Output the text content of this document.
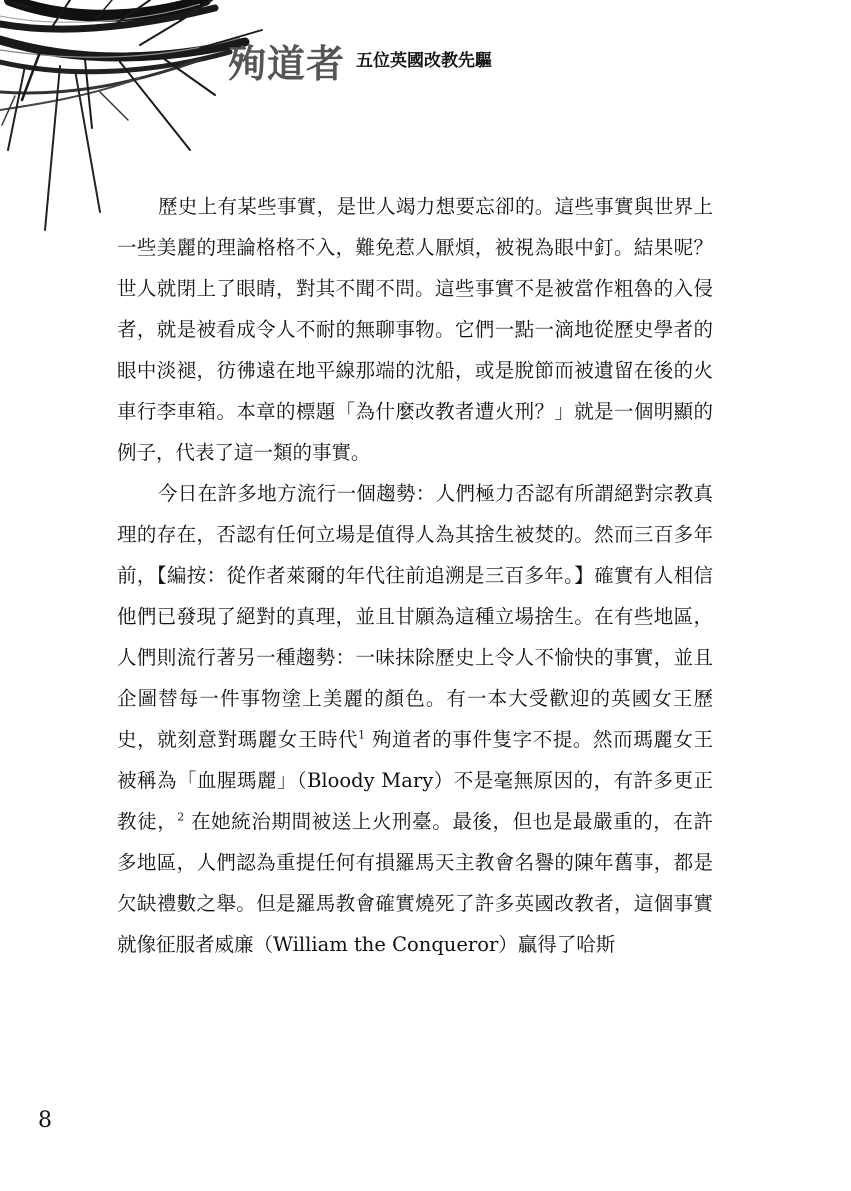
殉道者 五位英國改教先驅

歷史上有某些事實，是世人竭力想要忘卻的。這些事實與世界上一些美麗的理論格格不入，難免惹人厭煩，被視為眼中釘。結果呢？世人就閉上了眼睛，對其不聞不問。這些事實不是被當作粗魯的入侵者，就是被看成令人不耐的無聊事物。它們一點一滴地從歷史學者的眼中淡褪，彷彿遠在地平線那端的沈船，或是脫節而被遺留在後的火車行李車箱。本章的標題「為什麼改教者遭火刑？」就是一個明顯的例子，代表了這一類的事實。

今日在許多地方流行一個趨勢：人們極力否認有所謂絕對宗教真理的存在，否認有任何立場是值得人為其捨生被焚的。然而三百多年前，【編按：從作者萊爾的年代往前追溯是三百多年。】確實有人相信他們已發現了絕對的真理，並且甘願為這種立場捨生。在有些地區，人們則流行著另一種趨勢：一味抹除歷史上令人不愉快的事實，並且企圖替每一件事物塗上美麗的顏色。有一本大受歡迎的英國女王歷史，就刻意對瑪麗女王時代$^1$ 殉道者的事件隻字不提。然而瑪麗女王被稱為「血腥瑪麗」（Bloody Mary）不是毫無原因的，有許多更正教徒，$^2$ 在她統治期間被送上火刑臺。最後，但也是最嚴重的，在許多地區，人們認為重提任何有損羅馬天主教會名譽的陳年舊事，都是欠缺禮數之舉。但是羅馬教會確實燒死了許多英國改教者，這個事實就像征服者威廉（William the Conqueror）贏得了哈斯

8
